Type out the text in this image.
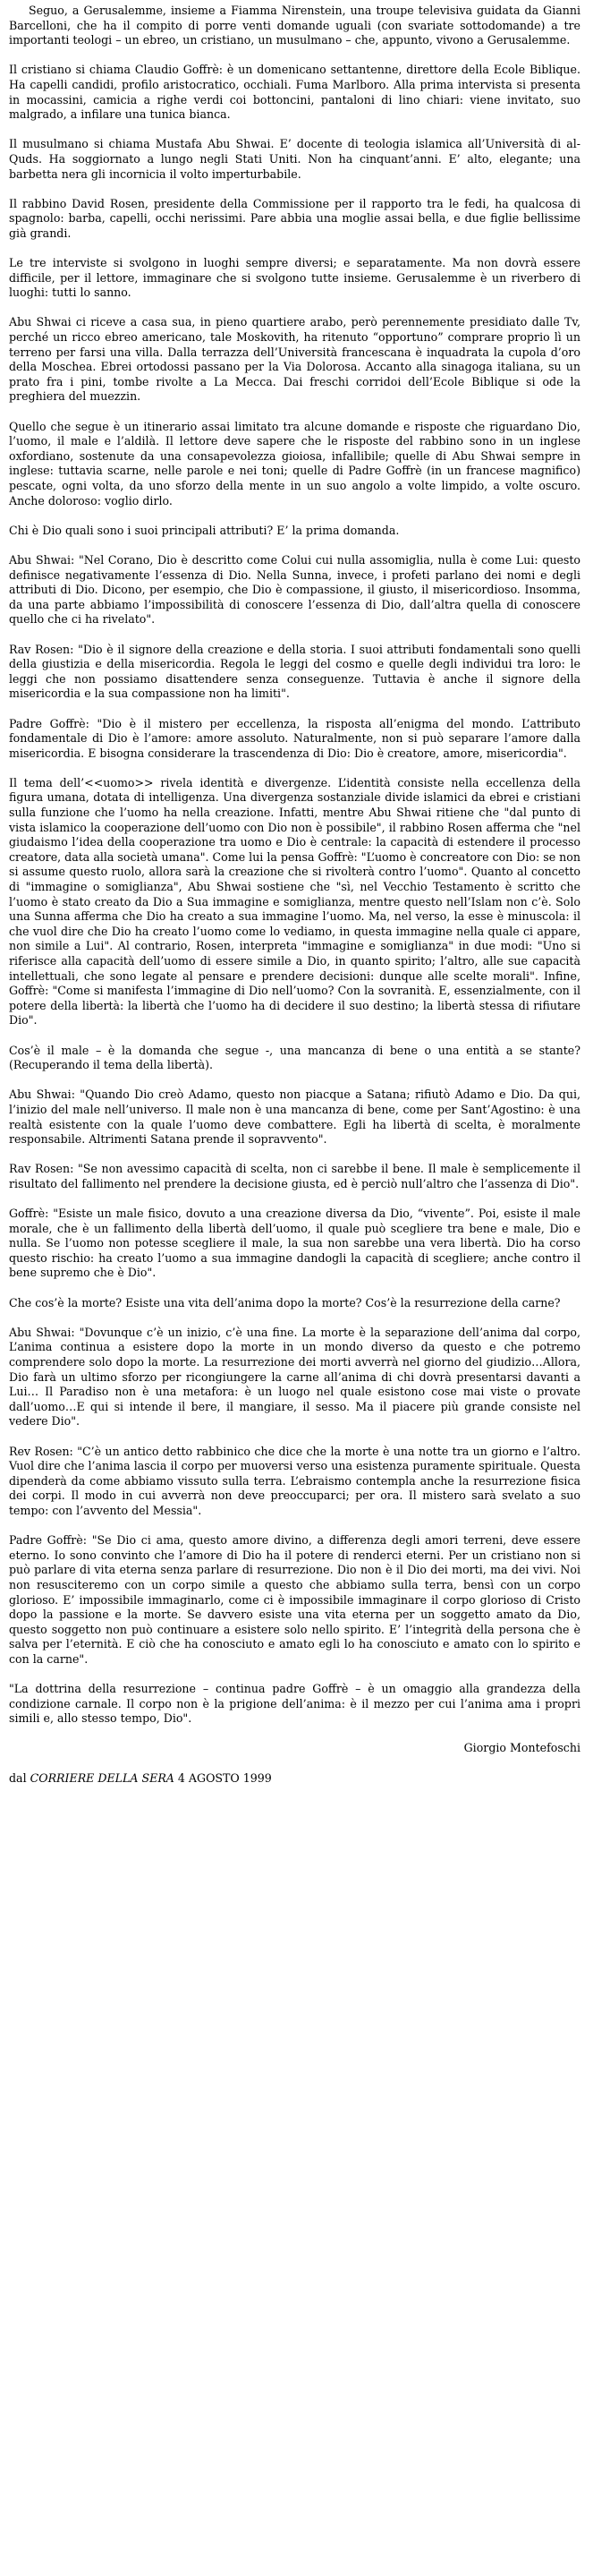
Seguo, a Gerusalemme, insieme a Fiamma Nirenstein, una troupe televisiva guidata da Gianni Barcelloni, che ha il compito di porre venti domande uguali (con svariate sottodomande) a tre importanti teologi – un ebreo, un cristiano, un musulmano – che, appunto, vivono a Gerusalemme.

Il cristiano si chiama Claudio Goffrè: è un domenicano settantenne, direttore della Ecole Biblique. Ha capelli candidi, profilo aristocratico, occhiali. Fuma Marlboro. Alla prima intervista si presenta in mocassini, camicia a righe verdi coi bottoncini, pantaloni di lino chiari: viene invitato, suo malgrado, a infilare una tunica bianca.

Il musulmano si chiama Mustafa Abu Shwai. E’ docente di teologia islamica all’Università di al-Quds. Ha soggiornato a lungo negli Stati Uniti. Non ha cinquant’anni. E’ alto, elegante; una barbetta nera gli incornicia il volto imperturbabile.

Il rabbino David Rosen, presidente della Commissione per il rapporto tra le fedi, ha qualcosa di spagnolo: barba, capelli, occhi nerissimi. Pare abbia una moglie assai bella, e due figlie bellissime già grandi.

Le tre interviste si svolgono in luoghi sempre diversi; e separatamente. Ma non dovrà essere difficile, per il lettore, immaginare che si svolgono tutte insieme. Gerusalemme è un riverbero di luoghi: tutti lo sanno.

Abu Shwai ci riceve a casa sua, in pieno quartiere arabo, però perennemente presidiato dalle Tv, perché un ricco ebreo americano, tale Moskovith, ha ritenuto “opportuno” comprare proprio lì un terreno per farsi una villa. Dalla terrazza dell’Università francescana è inquadrata la cupola d’oro della Moschea. Ebrei ortodossi passano per la Via Dolorosa. Accanto alla sinagoga italiana, su un prato fra i pini, tombe rivolte a La Mecca. Dai freschi corridoi dell’Ecole Biblique si ode la preghiera del muezzin.

Quello che segue è un itinerario assai limitato tra alcune domande e risposte che riguardano Dio, l’uomo, il male e l’aldilà. Il lettore deve sapere che le risposte del rabbino sono in un inglese oxfordiano, sostenute da una consapevolezza gioiosa, infallibile; quelle di Abu Shwai sempre in inglese: tuttavia scarne, nelle parole e nei toni; quelle di Padre Goffrè (in un francese magnifico) pescate, ogni volta, da uno sforzo della mente in un suo angolo a volte limpido, a volte oscuro. Anche doloroso: voglio dirlo.

Chi è Dio quali sono i suoi principali attributi? E’ la prima domanda.

Abu Shwai: "Nel Corano, Dio è descritto come Colui cui nulla assomiglia, nulla è come Lui: questo definisce negativamente l’essenza di Dio. Nella Sunna, invece, i profeti parlano dei nomi e degli attributi di Dio. Dicono, per esempio, che Dio è compassione, il giusto, il misericordioso. Insomma, da una parte abbiamo l’impossibilità di conoscere l’essenza di Dio, dall’altra quella di conoscere quello che ci ha rivelato".

Rav Rosen: "Dio è il signore della creazione e della storia. I suoi attributi fondamentali sono quelli della giustizia e della misericordia. Regola le leggi del cosmo e quelle degli individui tra loro: le leggi che non possiamo disattendere senza conseguenze. Tuttavia è anche il signore della misericordia e la sua compassione non ha limiti".

Padre Goffrè: "Dio è il mistero per eccellenza, la risposta all’enigma del mondo. L’attributo fondamentale di Dio è l’amore: amore assoluto. Naturalmente, non si può separare l’amore dalla misericordia. E bisogna considerare la trascendenza di Dio: Dio è creatore, amore, misericordia".

Il tema dell’<<uomo>> rivela identità e divergenze. L’identità consiste nella eccellenza della figura umana, dotata di intelligenza. Una divergenza sostanziale divide islamici da ebrei e cristiani sulla funzione che l’uomo ha nella creazione. Infatti, mentre Abu Shwai ritiene che "dal punto di vista islamico la cooperazione dell’uomo con Dio non è possibile", il rabbino Rosen afferma che "nel giudaismo l’idea della cooperazione tra uomo e Dio è centrale: la capacità di estendere il processo creatore, data alla società umana". Come lui la pensa Goffrè: "L’uomo è concreatore con Dio: se non si assume questo ruolo, allora sarà la creazione che si rivolterà contro l’uomo". Quanto al concetto di "immagine o somiglianza", Abu Shwai sostiene che "sì, nel Vecchio Testamento è scritto che l’uomo è stato creato da Dio a Sua immagine e somiglianza, mentre questo nell’Islam non c’è. Solo una Sunna afferma che Dio ha creato a sua immagine l’uomo. Ma, nel verso, la esse è minuscola: il che vuol dire che Dio ha creato l’uomo come lo vediamo, in questa immagine nella quale ci appare, non simile a Lui". Al contrario, Rosen, interpreta "immagine e somiglianza" in due modi: "Uno si riferisce alla capacità dell’uomo di essere simile a Dio, in quanto spirito; l’altro, alle sue capacità intellettuali, che sono legate al pensare e prendere decisioni: dunque alle scelte morali". Infine, Goffrè: "Come si manifesta l’immagine di Dio nell’uomo? Con la sovranità. E, essenzialmente, con il potere della libertà: la libertà che l’uomo ha di decidere il suo destino; la libertà stessa di rifiutare Dio".

Cos’è il male – è la domanda che segue -, una mancanza di bene o una entità a se stante? (Recuperando il tema della libertà).

Abu Shwai: "Quando Dio creò Adamo, questo non piacque a Satana; rifiutò Adamo e Dio. Da qui, l’inizio del male nell’universo. Il male non è una mancanza di bene, come per Sant’Agostino: è una realtà esistente con la quale l’uomo deve combattere. Egli ha libertà di scelta, è moralmente responsabile. Altrimenti Satana prende il sopravvento".

Rav Rosen: "Se non avessimo capacità di scelta, non ci sarebbe il bene. Il male è semplicemente il risultato del fallimento nel prendere la decisione giusta, ed è perciò null’altro che l’assenza di Dio".

Goffrè: "Esiste un male fisico, dovuto a una creazione diversa da Dio, “vivente”. Poi, esiste il male morale, che è un fallimento della libertà dell’uomo, il quale può scegliere tra bene e male, Dio e nulla. Se l’uomo non potesse scegliere il male, la sua non sarebbe una vera libertà. Dio ha corso questo rischio: ha creato l’uomo a sua immagine dandogli la capacità di scegliere; anche contro il bene supremo che è Dio".

Che cos’è la morte? Esiste una vita dell’anima dopo la morte? Cos’è la resurrezione della carne?

Abu Shwai: "Dovunque c’è un inizio, c’è una fine. La morte è la separazione dell’anima dal corpo, L’anima continua a esistere dopo la morte in un mondo diverso da questo e che potremo comprendere solo dopo la morte. La resurrezione dei morti avverrà nel giorno del giudizio…Allora, Dio farà un ultimo sforzo per ricongiungere la carne all’anima di chi dovrà presentarsi davanti a Lui… Il Paradiso non è una metafora: è un luogo nel quale esistono cose mai viste o provate dall’uomo…E qui si intende il bere, il mangiare, il sesso. Ma il piacere più grande consiste nel vedere Dio".

Rev Rosen: "C’è un antico detto rabbinico che dice che la morte è una notte tra un giorno e l’altro. Vuol dire che l’anima lascia il corpo per muoversi verso una esistenza puramente spirituale. Questa dipenderà da come abbiamo vissuto sulla terra. L’ebraismo contempla anche la resurrezione fisica dei corpi. Il modo in cui avverrà non deve preoccuparci; per ora. Il mistero sarà svelato a suo tempo: con l’avvento del Messia".

Padre Goffrè: "Se Dio ci ama, questo amore divino, a differenza degli amori terreni, deve essere eterno. Io sono convinto che l’amore di Dio ha il potere di renderci eterni. Per un cristiano non si può parlare di vita eterna senza parlare di resurrezione. Dio non è il Dio dei morti, ma dei vivi. Noi non resusciteremo con un corpo simile a questo che abbiamo sulla terra, bensì con un corpo glorioso. E’ impossibile immaginarlo, come ci è impossibile immaginare il corpo glorioso di Cristo dopo la passione e la morte. Se davvero esiste una vita eterna per un soggetto amato da Dio, questo soggetto non può continuare a esistere solo nello spirito. E’ l’integrità della persona che è salva per l’eternità. E ciò che ha conosciuto e amato egli lo ha conosciuto e amato con lo spirito e con la carne".

"La dottrina della resurrezione – continua padre Goffrè – è un omaggio alla grandezza della condizione carnale. Il corpo non è la prigione dell’anima: è il mezzo per cui l’anima ama i propri simili e, allo stesso tempo, Dio".

Giorgio Montefoschi

dal CORRIERE DELLA SERA 4 AGOSTO 1999
